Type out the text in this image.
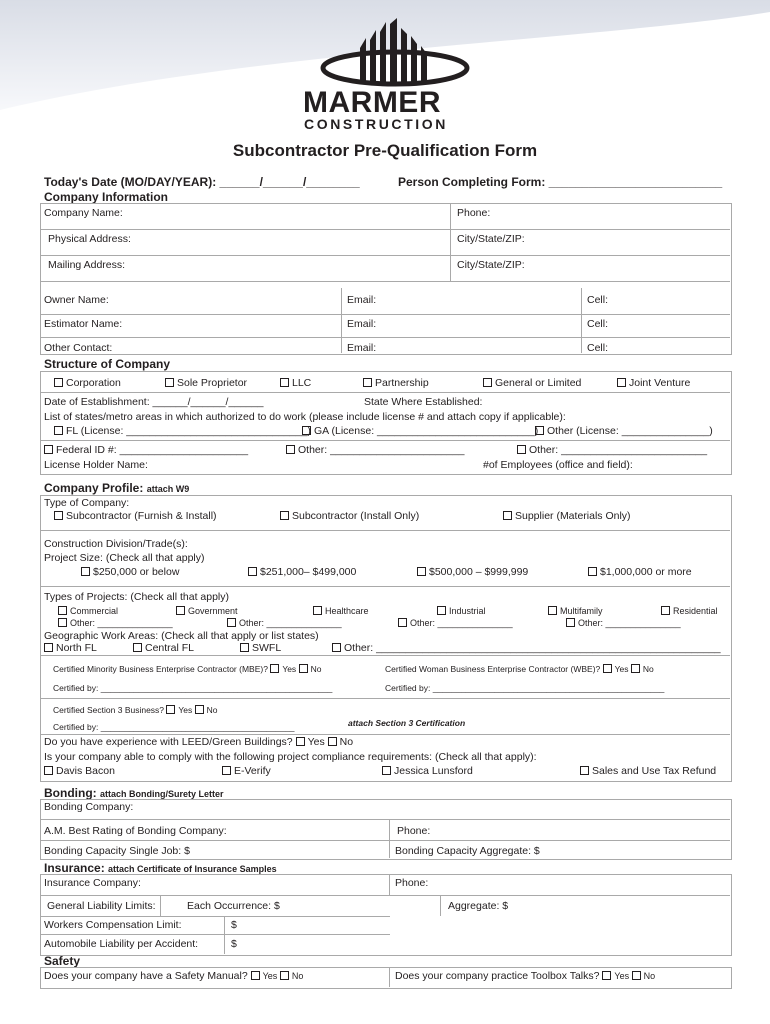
MARMER
CONSTRUCTION
Subcontractor Pre-Qualification Form
Today's Date (MO/DAY/YEAR): ______/______/________	Person Completing Form: __________________________
Company Information
Company Name:	Phone:
Physical Address:	City/State/ZIP:
Mailing Address:	City/State/ZIP:
Owner Name:	Email:	Cell:
Estimator Name:	Email:	Cell:
Other Contact:	Email:	Cell:
Structure of Company
Corporation	Sole Proprietor	LLC	Partnership	General or Limited	Joint Venture
Date of Establishment: ______/______/______	State Where Established:
List of states/metro areas in which authorized to do work (please include license # and attach copy if applicable):
FL (License: _______________________________) GA (License: ___________________________) Other (License: _______________)
Federal ID #: ______________________	Other: _______________________	Other: _________________________
License Holder Name:	#of Employees (office and field):
Company Profile: attach W9
Type of Company:
Subcontractor (Furnish & Install)	Subcontractor (Install Only)	Supplier (Materials Only)
Construction Division/Trade(s):
Project Size: (Check all that apply)
$250,000 or below	$251,000– $499,000	$500,000 – $999,999	$1,000,000 or more
Types of Projects: (Check all that apply)
Commercial	Government	Healthcare	Industrial	Multifamily	Residential
Other: _______________	Other: _______________	Other: _______________	Other: _______________
Geographic Work Areas: (Check all that apply or list states)
North FL	Central FL	SWFL	Other: ___________________________________________________________
Certified Minority Business Enterprise Contractor (MBE)? Yes No	Certified Woman Business Enterprise Contractor (WBE)? Yes No
Certified by: _________________________________________________	Certified by: _________________________________________________
Certified Section 3 Business? Yes No
Certified by: _________________________________________	attach Section 3 Certification
Do you have experience with LEED/Green Buildings? Yes No
Is your company able to comply with the following project compliance requirements: (Check all that apply):
Davis Bacon	E-Verify	Jessica Lunsford	Sales and Use Tax Refund
Bonding: attach Bonding/Surety Letter
Bonding Company:
A.M. Best Rating of Bonding Company:	Phone:
Bonding Capacity Single Job: $	Bonding Capacity Aggregate: $
Insurance: attach Certificate of Insurance Samples
Insurance Company:	Phone:
General Liability Limits:	Each Occurrence: $	Aggregate: $
Workers Compensation Limit:	$
Automobile Liability per Accident:	$
Safety
Does your company have a Safety Manual? Yes No	Does your company practice Toolbox Talks? Yes No
